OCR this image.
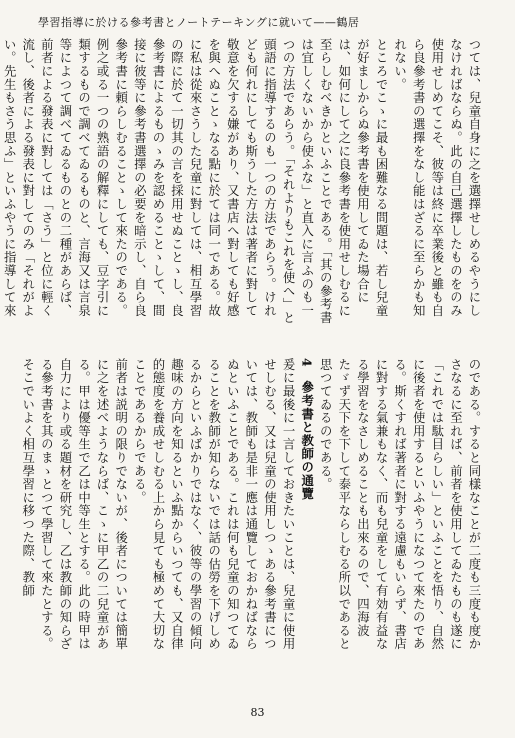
學習指導に於ける參考書とノートテーキングに就いて——鶴居

つては、兒童自身に之を選擇せしめるやうにしなければならぬ。此の自己選擇したものをのみ使用せしめてこそ、彼等は終に卒業後と雖も自ら良參考書の選擇をなし能はざるに至らかも知れない。

ところでこゝに最も困難なる問題は、若し兒童が好ましからぬ參考書を使用してゐた場合には、如何にして之に良參考書を使用せしむるに至らしむべきかといふことである。「其の參考書は宜しくないから使ふな」と直入に言ふのも一つの方法であらう。「それよりもこれを使へ」と頭語に指導するのも一つの方法であらう。けれども何れにしても斯うした方法は著者に對して敬意を欠する嫌があり、又書店へ對しても好感を與へぬことゝなる點に於ては同一である。故に私は從來さうした兒童に對しては、相互學習の際に於て一切其の言を採用せぬことゝし、良參考書によるものゝみを認めることゝして、間接に彼等に參考書選擇の必要を暗示し、自ら良參考書に頼らしむることゝして來たのである。

例之或る一つの熟語の解釋にしても、豆字引に類するもので調べてゐるものと、言海又は言泉等によつて調べてゐるものとの二種があらば、前者による發表に對しては「さう」と位に輕く流し、後者による發表に對してのみ「それがよい。先生もさう思ふ」といふやうに指導して來

のである。すると同樣なことが二度も三度も度かさなるに至れば、前者を使用してゐたものも遂に「これでは駄目らしい」といふことを悟り、自然に後者を使用するといふやうになつて來たのである。斯くすれば著者に對する遠慮もいらず、書店に對する氣兼もなく、而も兒童をして有効有益なる學習をなさしめることも出來るので、四海波たゞず天下を下して泰平ならしむる所以であると思つてゐるのである。

4　參考書と教師の通覽

爰に最後に一言しておきたいことは、兒童に使用せしむる、又は兒童の使用しつゝある參考書については、教師も是非一應は通覽しておかねばならぬといふことである。これは何も兒童の知つてゐることを教師が知らないでは話の估勞を下げしめるからといふばかりではなく、彼等の學習の傾向趣味の方向を知るといふ點からいつても、又自律的態度を養成せしむる上から見ても極めて大切なことであるからである。

前者は説明の限りでないが、後者については簡單に之を述べようならば、こゝに甲乙の二兒童がある。甲は優等生で乙は中等生とする。此の時甲は自力により或る題材を研究し、乙は教師の知らざる參考書を其のまゝとつて學習して來たとする。そこでいよく相互學習に移つた際、教師

83
